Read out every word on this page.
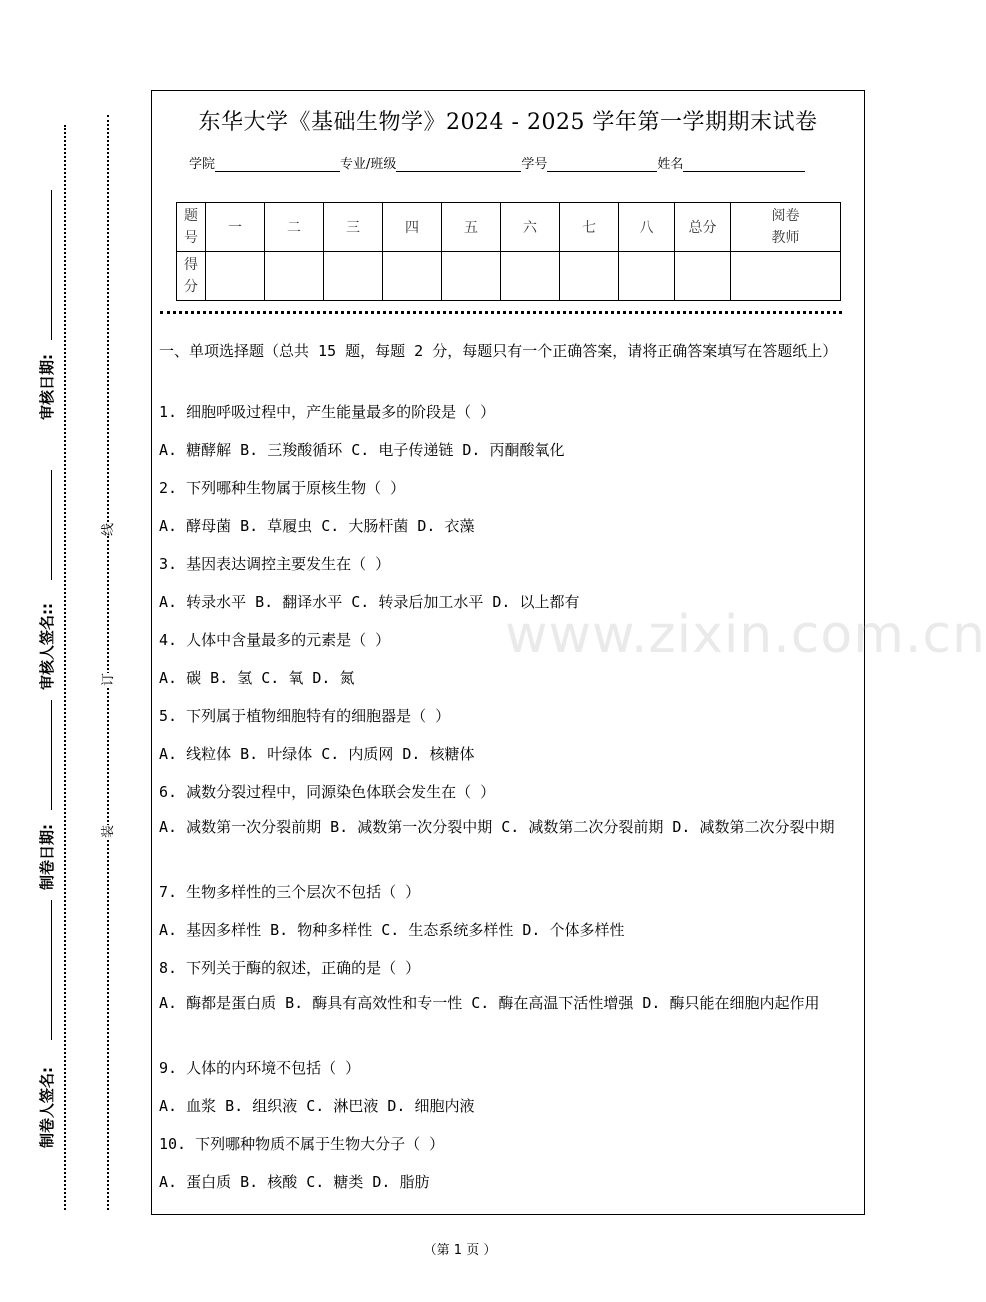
审核日期:
审核人签名::
制卷日期:
制卷人签名:
线
订
装
东华大学《基础生物学》2024 - 2025 学年第一学期期末试卷
学院	专业/班级	学号	姓名
题
号	一	二	三	四	五	六	七	八	总分	阅卷
教师
得
分										
一、单项选择题（总共 15 题，每题 2 分，每题只有一个正确答案，请将正确答案填写在答题纸上）
1. 细胞呼吸过程中，产生能量最多的阶段是（ ）
A. 糖酵解 B. 三羧酸循环 C. 电子传递链 D. 丙酮酸氧化
2. 下列哪种生物属于原核生物（ ）
A. 酵母菌 B. 草履虫 C. 大肠杆菌 D. 衣藻
3. 基因表达调控主要发生在（ ）
A. 转录水平 B. 翻译水平 C. 转录后加工水平 D. 以上都有
4. 人体中含量最多的元素是（ ）
A. 碳 B. 氢 C. 氧 D. 氮
5. 下列属于植物细胞特有的细胞器是（ ）
A. 线粒体 B. 叶绿体 C. 内质网 D. 核糖体
6. 减数分裂过程中，同源染色体联会发生在（ ）
A. 减数第一次分裂前期 B. 减数第一次分裂中期 C. 减数第二次分裂前期 D. 减数第二次分裂中期
7. 生物多样性的三个层次不包括（ ）
A. 基因多样性 B. 物种多样性 C. 生态系统多样性 D. 个体多样性
8. 下列关于酶的叙述，正确的是（ ）
A. 酶都是蛋白质 B. 酶具有高效性和专一性 C. 酶在高温下活性增强 D. 酶只能在细胞内起作用
9. 人体的内环境不包括（ ）
A. 血浆 B. 组织液 C. 淋巴液 D. 细胞内液
10. 下列哪种物质不属于生物大分子（ ）
A. 蛋白质 B. 核酸 C. 糖类 D. 脂肪
www.zixin.com.cn
（第 1 页 ）
